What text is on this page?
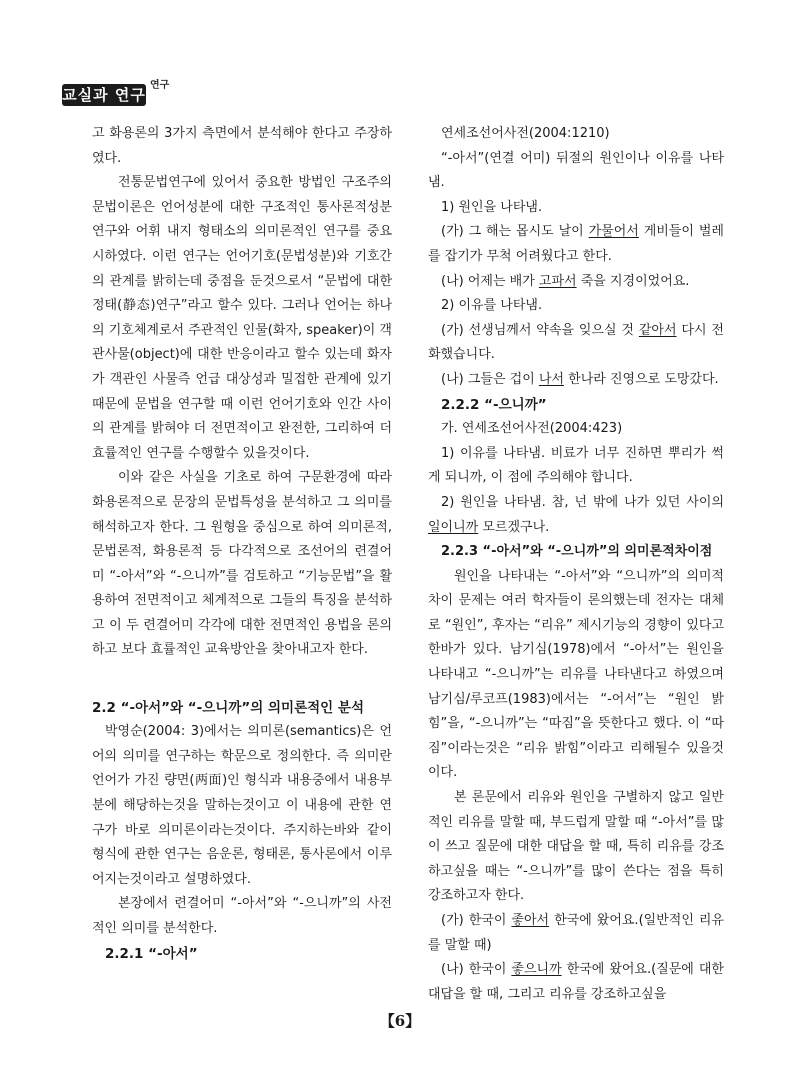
교실과 연구
연구

고 화용론의 3가지 측면에서 분석해야 한다고 주장하였다.

전통문법연구에 있어서 중요한 방법인 구조주의문법이론은 언어성분에 대한 구조적인 통사론적성분 연구와 어휘 내지 형태소의 의미론적인 연구를 중요시하였다. 이런 연구는 언어기호(문법성분)와 기호간의 관계를 밝히는데 중점을 둔것으로서 “문법에 대한 정태(静态)연구”라고 할수 있다. 그러나 언어는 하나의 기호체계로서 주관적인 인물(화자, speaker)이 객관사물(object)에 대한 반응이라고 할수 있는데 화자가 객관인 사물즉 언급 대상성과 밀접한 관계에 있기때문에 문법을 연구할 때 이런 언어기호와 인간 사이의 관계를 밝혀야 더 전면적이고 완전한, 그리하여 더 효률적인 연구를 수행할수 있을것이다.

이와 같은 사실을 기초로 하여 구문환경에 따라 화용론적으로 문장의 문법특성을 분석하고 그 의미를 해석하고자 한다. 그 원형을 중심으로 하여 의미론적, 문법론적, 화용론적 등 다각적으로 조선어의 련결어미 “-아서”와 “-으니까”를 검토하고 “기능문법”을 활용하여 전면적이고 체계적으로 그들의 특징을 분석하고 이 두 련결어미 각각에 대한 전면적인 용법을 론의하고 보다 효률적인 교육방안을 찾아내고자 한다.

2.2 “-아서”와 “-으니까”의 의미론적인 분석

박영순(2004: 3)에서는 의미론(semantics)은 언어의 의미를 연구하는 학문으로 정의한다. 즉 의미란 언어가 가진 량면(两面)인 형식과 내용중에서 내용부분에 해당하는것을 말하는것이고 이 내용에 관한 연구가 바로 의미론이라는것이다. 주지하는바와 같이 형식에 관한 연구는 음운론, 형태론, 통사론에서 이루어지는것이라고 설명하였다.

본장에서 련결어미 “-아서”와 “-으니까”의 사전적인 의미를 분석한다.

2.2.1 “-아서”

연세조선어사전(2004:1210)

“-아서”(연결 어미) 뒤절의 원인이나 이유를 나타냄.

1) 원인을 나타냄.

(가) 그 해는 몹시도 날이 가물어서 게비들이 벌레를 잡기가 무척 어려웠다고 한다.

(나) 어제는 배가 고파서 죽을 지경이었어요.

2) 이유를 나타냄.

(가) 선생님께서 약속을 잊으실 것 같아서 다시 전화했습니다.

(나) 그들은 겁이 나서 한나라 진영으로 도망갔다.

2.2.2 “-으니까”

가. 연세조선어사전(2004:423)

1) 이유를 나타냄. 비료가 너무 진하면 뿌리가 썩게 되니까, 이 점에 주의해야 합니다.

2) 원인을 나타냄. 참, 넌 밖에 나가 있던 사이의 일이니까 모르겠구나.

2.2.3 “-아서”와 “-으니까”의 의미론적차이점

원인을 나타내는 “-아서”와 “으니까”의 의미적차이 문제는 여러 학자들이 론의했는데 전자는 대체로 “원인”, 후자는 “리유” 제시기능의 경향이 있다고 한바가 있다. 남기심(1978)에서 “-아서”는 원인을 나타내고 “-으니까”는 리유를 나타낸다고 하였으며 남기심/루코프(1983)에서는 “-어서”는 “원인 밝힘”을, “-으니까”는 “따짐”을 뜻한다고 했다. 이 “따짐”이라는것은 “리유 밝힘”이라고 리해될수 있을것이다.

본 론문에서 리유와 원인을 구별하지 않고 일반적인 리유를 말할 때, 부드럽게 말할 때 “-아서”를 많이 쓰고 질문에 대한 대답을 할 때, 특히 리유를 강조하고싶을 때는 “-으니까”를 많이 쓴다는 점을 특히 강조하고자 한다.

(가) 한국이 좋아서 한국에 왔어요.(일반적인 리유를 말할 때)

(나) 한국이 좋으니까 한국에 왔어요.(질문에 대한 대답을 할 때, 그리고 리유를 강조하고싶을

【6】
